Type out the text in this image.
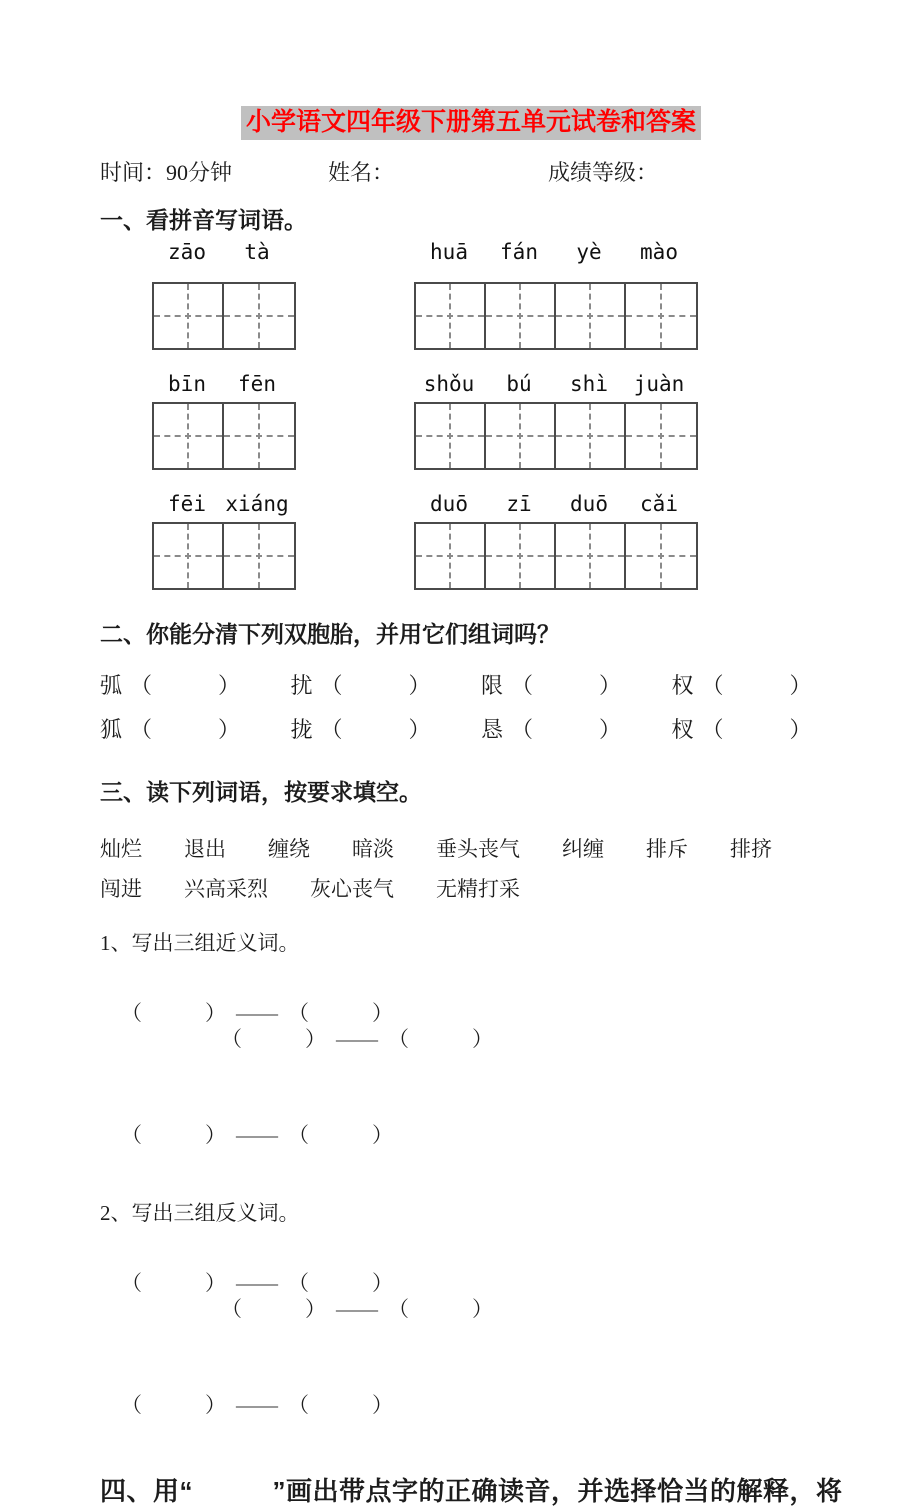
小学语文四年级下册第五单元试卷和答案
时间：90分钟	姓名：	成绩等级：
一、看拼音写词语。
zāo	tà
	huā	fán	yè	mào
bīn	fēn
	shǒu	bú	shì	juàn
fēi xiáng
	duō	zī	duō	cǎi
二、你能分清下列双胞胎，并用它们组词吗？
弧 （　　　） 扰 （　　　） 限 （　　　） 权 （　　　）
狐 （　　　） 拢 （　　　） 恳 （　　　） 杈 （　　　）
三、读下列词语，按要求填空。
灿烂 退出 缠绕 暗淡 垂头丧气 纠缠 排斥 排挤
闯进 兴高采烈 灰心丧气 无精打采
1、写出三组近义词。

（　　　） —— （　　　）
（　　　） —— （　　　）

（　　　） —— （　　　）

2、写出三组反义词。

（　　　） —— （　　　）
（　　　） —— （　　　）

（　　　） —— （　　　）

四、用“　　　”画出带点字的正确读音，并选择恰当的解释，将
